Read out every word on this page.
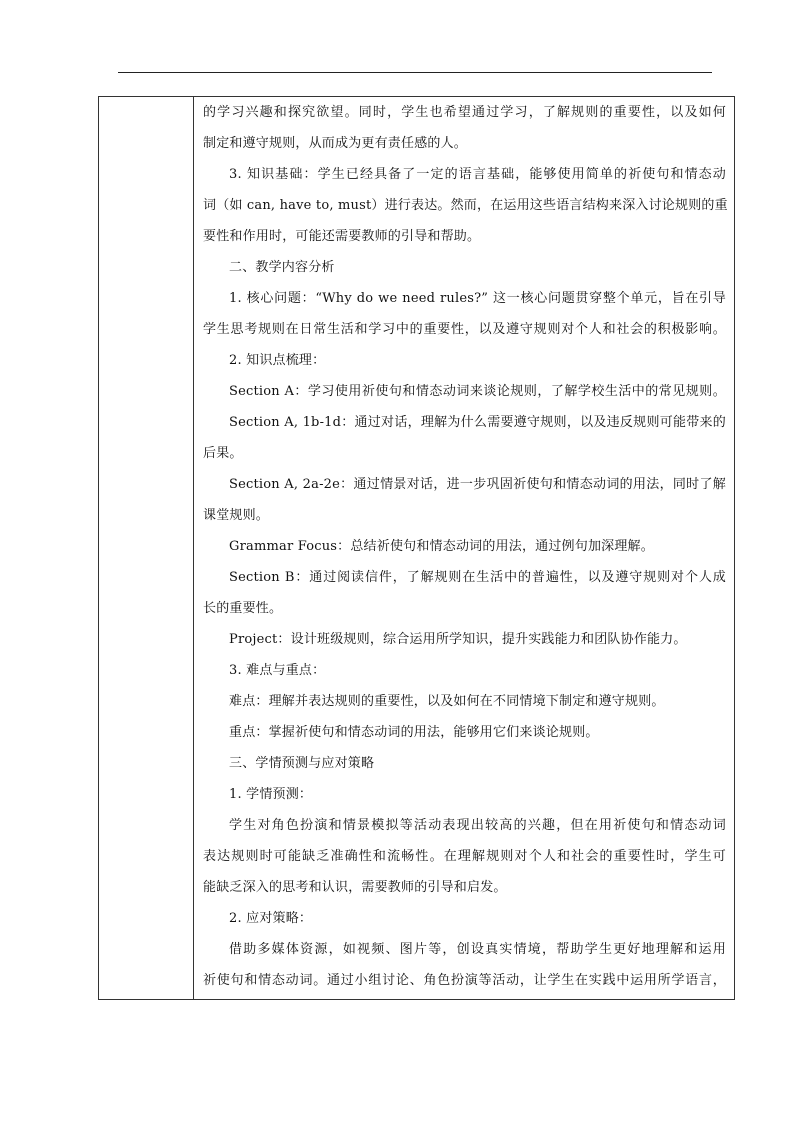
的学习兴趣和探究欲望。同时，学生也希望通过学习，了解规则的重要性，以及如何
制定和遵守规则，从而成为更有责任感的人。
3. 知识基础：学生已经具备了一定的语言基础，能够使用简单的祈使句和情态动
词（如 can, have to, must）进行表达。然而，在运用这些语言结构来深入讨论规则的重
要性和作用时，可能还需要教师的引导和帮助。
二、教学内容分析
1. 核心问题：“Why do we need rules?” 这一核心问题贯穿整个单元，旨在引导
学生思考规则在日常生活和学习中的重要性，以及遵守规则对个人和社会的积极影响。
2. 知识点梳理：
Section A：学习使用祈使句和情态动词来谈论规则，了解学校生活中的常见规则。
Section A, 1b-1d：通过对话，理解为什么需要遵守规则，以及违反规则可能带来的
后果。
Section A, 2a-2e：通过情景对话，进一步巩固祈使句和情态动词的用法，同时了解
课堂规则。
Grammar Focus：总结祈使句和情态动词的用法，通过例句加深理解。
Section B：通过阅读信件，了解规则在生活中的普遍性，以及遵守规则对个人成
长的重要性。
Project：设计班级规则，综合运用所学知识，提升实践能力和团队协作能力。
3. 难点与重点：
难点：理解并表达规则的重要性，以及如何在不同情境下制定和遵守规则。
重点：掌握祈使句和情态动词的用法，能够用它们来谈论规则。
三、学情预测与应对策略
1. 学情预测：
学生对角色扮演和情景模拟等活动表现出较高的兴趣，但在用祈使句和情态动词
表达规则时可能缺乏准确性和流畅性。在理解规则对个人和社会的重要性时，学生可
能缺乏深入的思考和认识，需要教师的引导和启发。
2. 应对策略：
借助多媒体资源，如视频、图片等，创设真实情境，帮助学生更好地理解和运用
祈使句和情态动词。通过小组讨论、角色扮演等活动，让学生在实践中运用所学语言，
